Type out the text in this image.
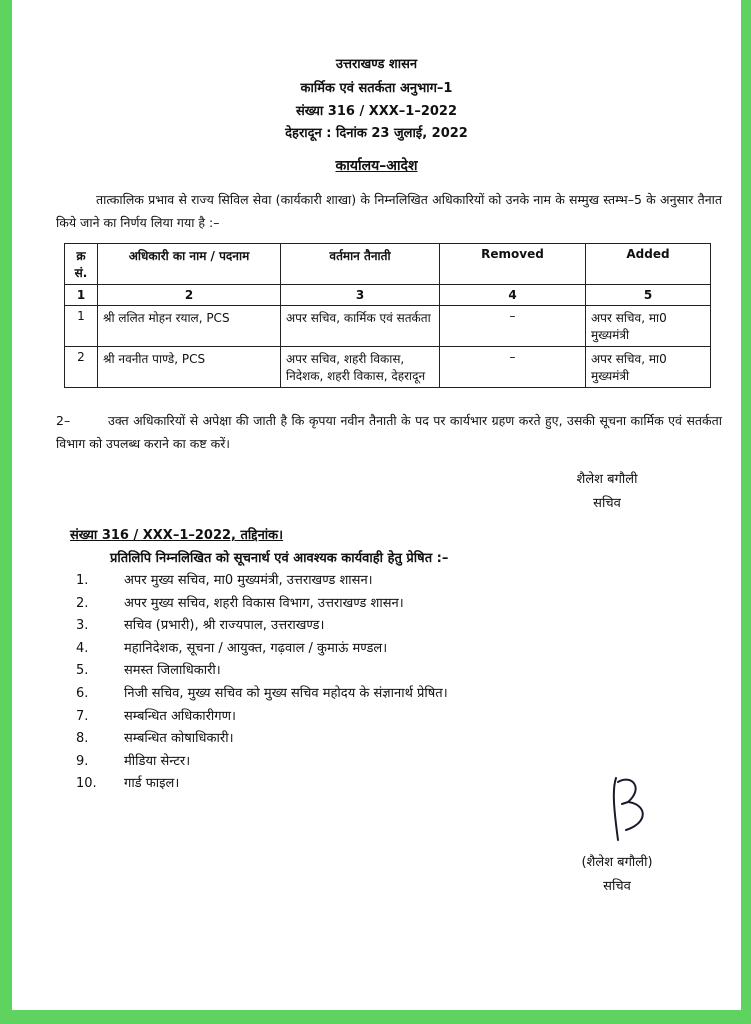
उत्तराखण्ड शासन
कार्मिक एवं सतर्कता अनुभाग–1
संख्या 316 / XXX–1–2022
देहरादून : दिनांक 23 जुलाई, 2022
कार्यालय–आदेश
तात्कालिक प्रभाव से राज्य सिविल सेवा (कार्यकारी शाखा) के निम्नलिखित अधिकारियों को उनके नाम के सम्मुख स्तम्भ–5 के अनुसार तैनात किये जाने का निर्णय लिया गया है :–
क्र सं.	अधिकारी का नाम / पदनाम	वर्तमान तैनाती	Removed	Added
1	2	3	4	5
1	श्री ललित मोहन रयाल, PCS	अपर सचिव, कार्मिक एवं सतर्कता	–	अपर सचिव, मा0 मुख्यमंत्री
2	श्री नवनीत पाण्डे, PCS	अपर सचिव, शहरी विकास, निदेशक, शहरी विकास, देहरादून	–	अपर सचिव, मा0 मुख्यमंत्री
2–	उक्त अधिकारियों से अपेक्षा की जाती है कि कृपया नवीन तैनाती के पद पर कार्यभार ग्रहण करते हुए, उसकी सूचना कार्मिक एवं सतर्कता विभाग को उपलब्ध कराने का कष्ट करें।
शैलेश बगौली
सचिव
संख्या 316 / XXX–1–2022, तद्दिनांक।
प्रतिलिपि निम्नलिखित को सूचनार्थ एवं आवश्यक कार्यवाही हेतु प्रेषित :–
1.	अपर मुख्य सचिव, मा0 मुख्यमंत्री, उत्तराखण्ड शासन।
2.	अपर मुख्य सचिव, शहरी विकास विभाग, उत्तराखण्ड शासन।
3.	सचिव (प्रभारी), श्री राज्यपाल, उत्तराखण्ड।
4.	महानिदेशक, सूचना / आयुक्त, गढ़वाल / कुमाऊं मण्डल।
5.	समस्त जिलाधिकारी।
6.	निजी सचिव, मुख्य सचिव को मुख्य सचिव महोदय के संज्ञानार्थ प्रेषित।
7.	सम्बन्धित अधिकारीगण।
8.	सम्बन्धित कोषाधिकारी।
9.	मीडिया सेन्टर।
10. गार्ड फाइल।
(शैलेश बगौली)
सचिव
